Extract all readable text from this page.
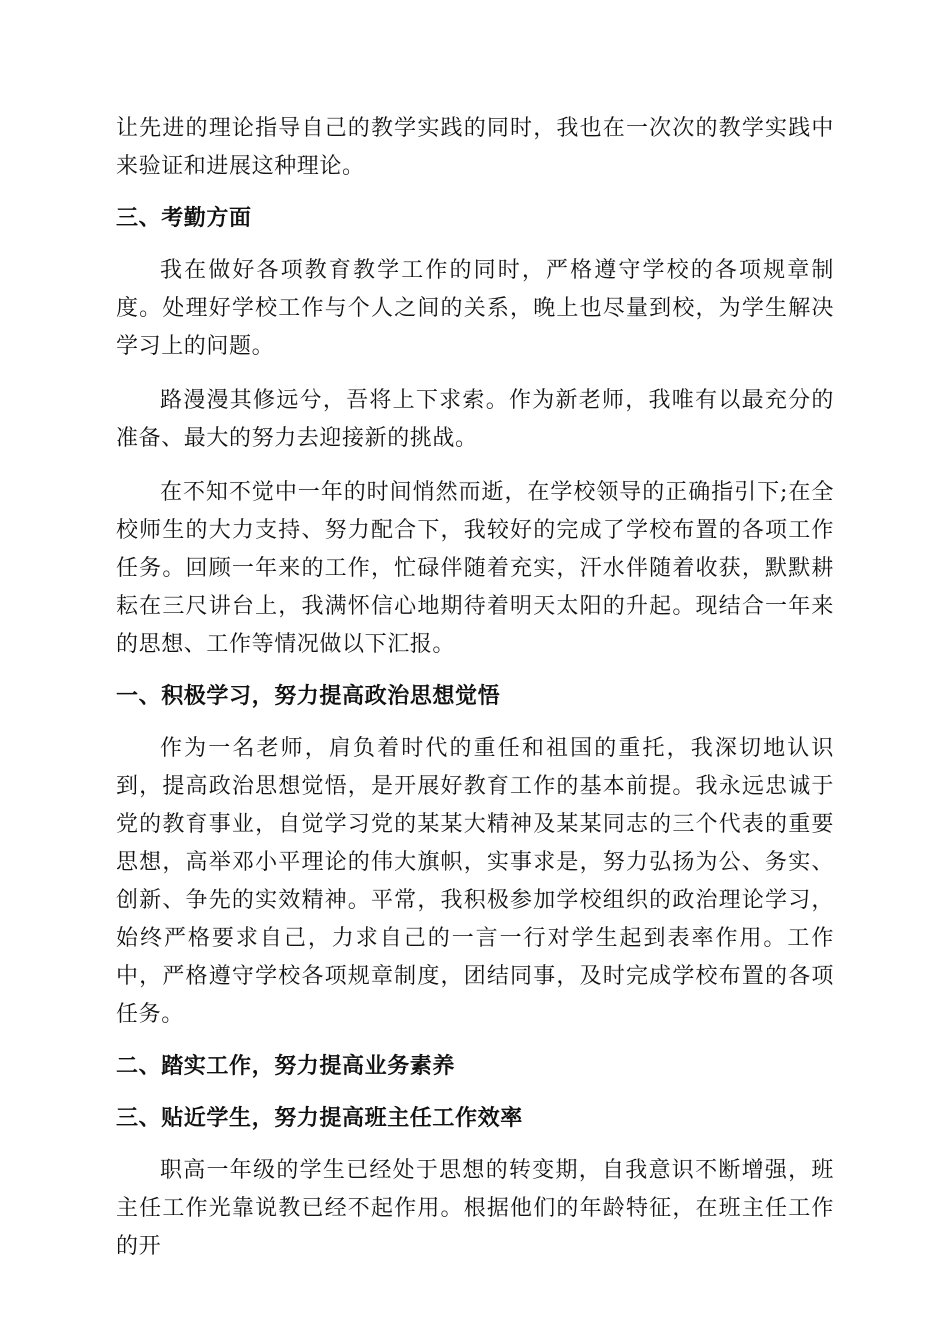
让先进的理论指导自己的教学实践的同时，我也在一次次的教学实践中来验证和进展这种理论。

三、考勤方面

我在做好各项教育教学工作的同时，严格遵守学校的各项规章制度。处理好学校工作与个人之间的关系，晚上也尽量到校，为学生解决学习上的问题。

路漫漫其修远兮，吾将上下求索。作为新老师，我唯有以最充分的准备、最大的努力去迎接新的挑战。

在不知不觉中一年的时间悄然而逝，在学校领导的正确指引下;在全校师生的大力支持、努力配合下，我较好的完成了学校布置的各项工作任务。回顾一年来的工作，忙碌伴随着充实，汗水伴随着收获，默默耕耘在三尺讲台上，我满怀信心地期待着明天太阳的升起。现结合一年来的思想、工作等情况做以下汇报。

一、积极学习，努力提高政治思想觉悟

作为一名老师，肩负着时代的重任和祖国的重托，我深切地认识到，提高政治思想觉悟，是开展好教育工作的基本前提。我永远忠诚于党的教育事业，自觉学习党的某某大精神及某某同志的三个代表的重要思想，高举邓小平理论的伟大旗帜，实事求是，努力弘扬为公、务实、创新、争先的实效精神。平常，我积极参加学校组织的政治理论学习，始终严格要求自己，力求自己的一言一行对学生起到表率作用。工作中，严格遵守学校各项规章制度，团结同事，及时完成学校布置的各项任务。

二、踏实工作，努力提高业务素养

三、贴近学生，努力提高班主任工作效率

职高一年级的学生已经处于思想的转变期，自我意识不断增强，班主任工作光靠说教已经不起作用。根据他们的年龄特征，在班主任工作的开
